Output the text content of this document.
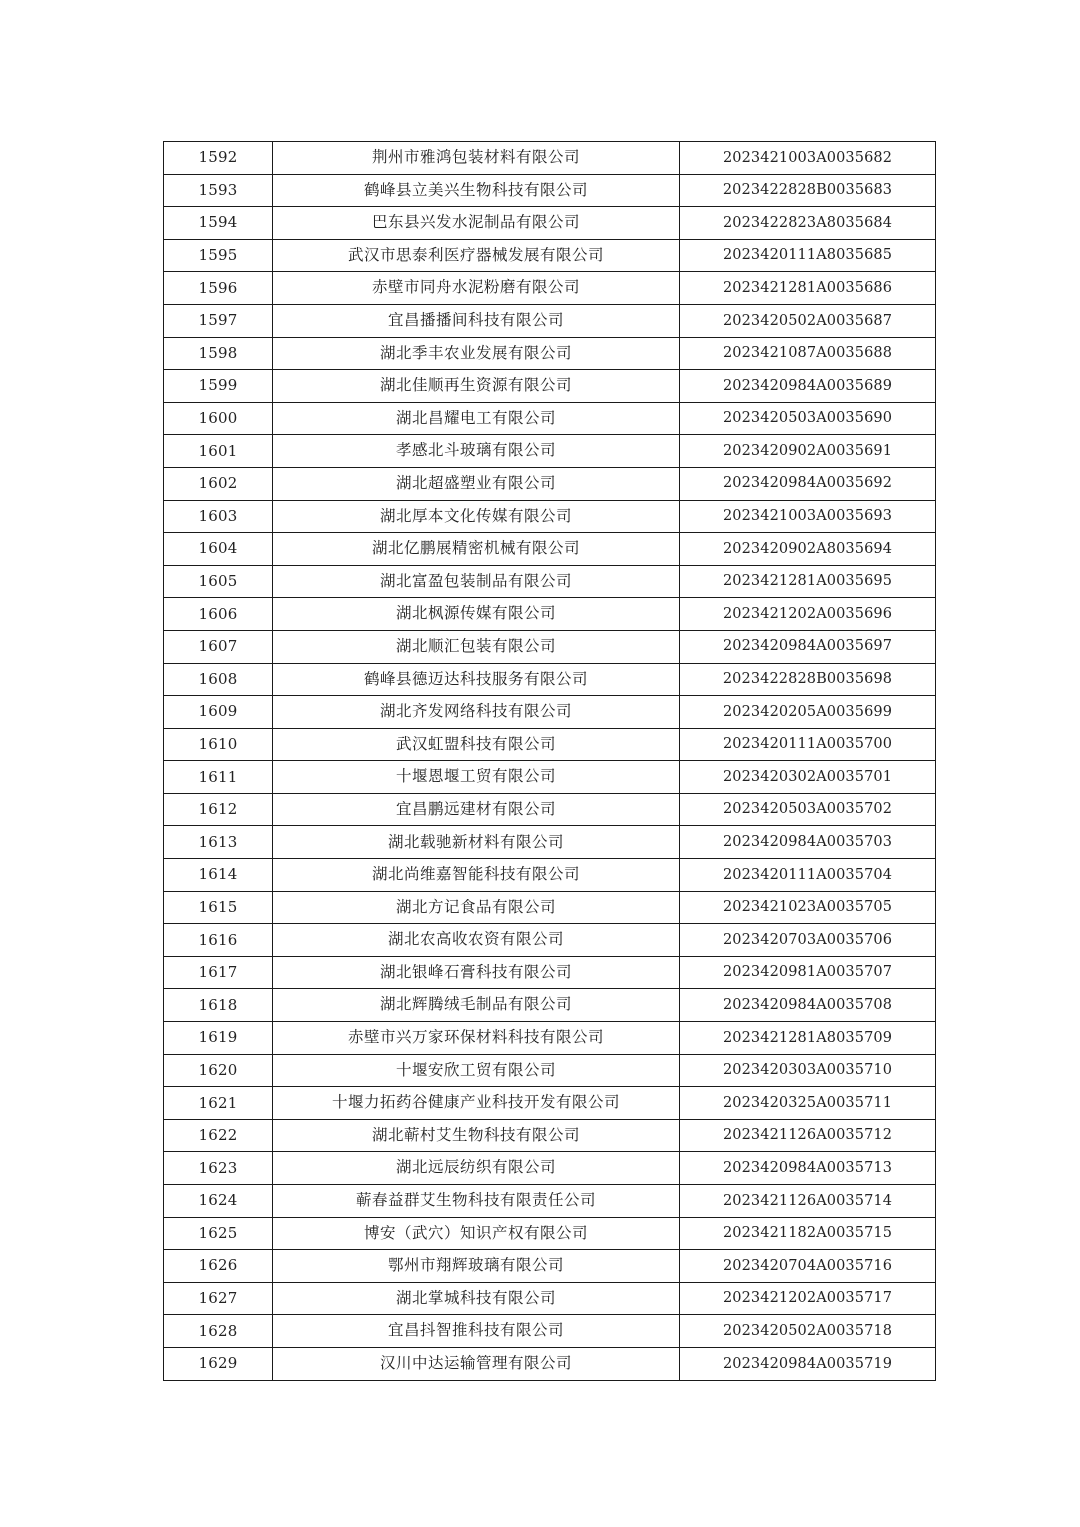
1592	荆州市雅鸿包装材料有限公司	2023421003A0035682
1593	鹤峰县立美兴生物科技有限公司	2023422828B0035683
1594	巴东县兴发水泥制品有限公司	2023422823A8035684
1595	武汉市思泰利医疗器械发展有限公司	2023420111A8035685
1596	赤壁市同舟水泥粉磨有限公司	2023421281A0035686
1597	宜昌播播间科技有限公司	2023420502A0035687
1598	湖北季丰农业发展有限公司	2023421087A0035688
1599	湖北佳顺再生资源有限公司	2023420984A0035689
1600	湖北昌耀电工有限公司	2023420503A0035690
1601	孝感北斗玻璃有限公司	2023420902A0035691
1602	湖北超盛塑业有限公司	2023420984A0035692
1603	湖北厚本文化传媒有限公司	2023421003A0035693
1604	湖北亿鹏展精密机械有限公司	2023420902A8035694
1605	湖北富盈包装制品有限公司	2023421281A0035695
1606	湖北枫源传媒有限公司	2023421202A0035696
1607	湖北顺汇包装有限公司	2023420984A0035697
1608	鹤峰县德迈达科技服务有限公司	2023422828B0035698
1609	湖北齐发网络科技有限公司	2023420205A0035699
1610	武汉虹盟科技有限公司	2023420111A0035700
1611	十堰恩堰工贸有限公司	2023420302A0035701
1612	宜昌鹏远建材有限公司	2023420503A0035702
1613	湖北载驰新材料有限公司	2023420984A0035703
1614	湖北尚维嘉智能科技有限公司	2023420111A0035704
1615	湖北方记食品有限公司	2023421023A0035705
1616	湖北农高收农资有限公司	2023420703A0035706
1617	湖北银峰石膏科技有限公司	2023420981A0035707
1618	湖北辉腾绒毛制品有限公司	2023420984A0035708
1619	赤壁市兴万家环保材料科技有限公司	2023421281A8035709
1620	十堰安欣工贸有限公司	2023420303A0035710
1621	十堰力拓药谷健康产业科技开发有限公司	2023420325A0035711
1622	湖北蕲村艾生物科技有限公司	2023421126A0035712
1623	湖北远辰纺织有限公司	2023420984A0035713
1624	蕲春益群艾生物科技有限责任公司	2023421126A0035714
1625	博安（武穴）知识产权有限公司	2023421182A0035715
1626	鄂州市翔辉玻璃有限公司	2023420704A0035716
1627	湖北掌城科技有限公司	2023421202A0035717
1628	宜昌抖智推科技有限公司	2023420502A0035718
1629	汉川中达运输管理有限公司	2023420984A0035719
